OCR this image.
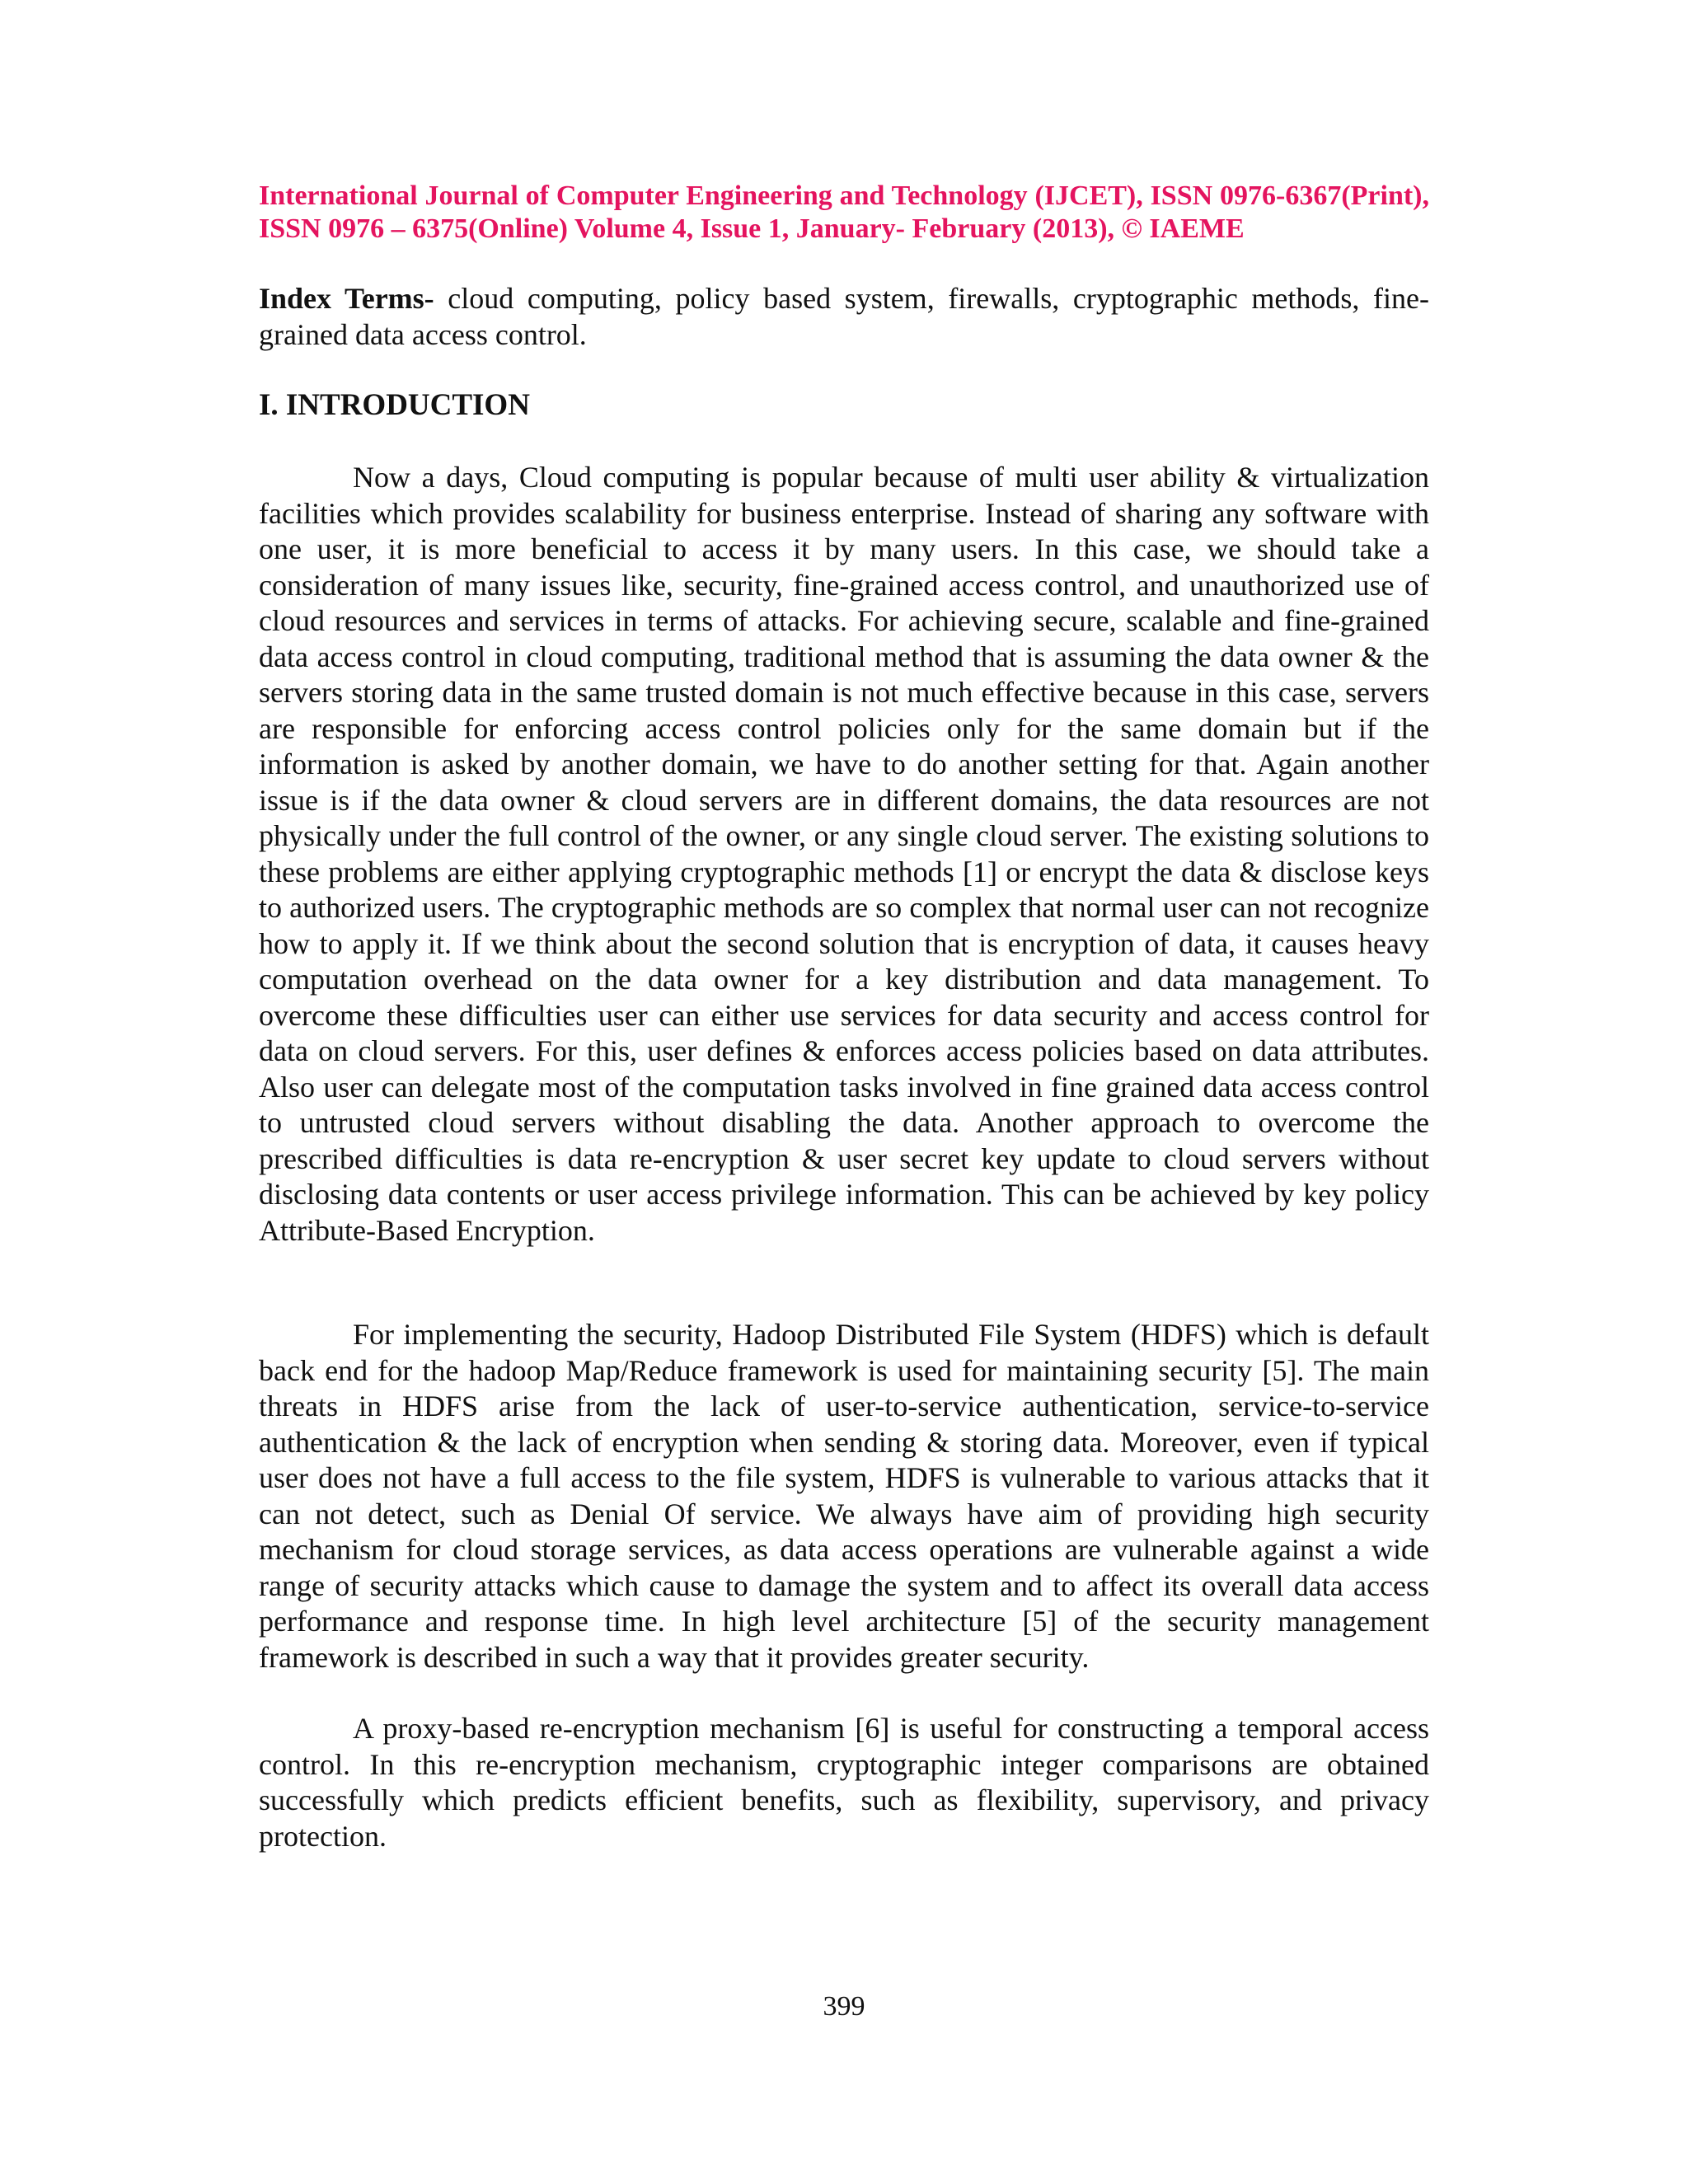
International Journal of Computer Engineering and Technology (IJCET), ISSN 0976-6367(Print), ISSN 0976 – 6375(Online) Volume 4, Issue 1, January- February (2013), © IAEME
Index Terms- cloud computing, policy based system, firewalls, cryptographic methods, fine-grained data access control.
I. INTRODUCTION

Now a days, Cloud computing is popular because of multi user ability & virtualization facilities which provides scalability for business enterprise. Instead of sharing any software with one user, it is more beneficial to access it by many users. In this case, we should take a consideration of many issues like, security, fine-grained access control, and unauthorized use of cloud resources and services in terms of attacks. For achieving secure, scalable and fine-grained data access control in cloud computing, traditional method that is assuming the data owner & the servers storing data in the same trusted domain is not much effective because in this case, servers are responsible for enforcing access control policies only for the same domain but if the information is asked by another domain, we have to do another setting for that. Again another issue is if the data owner & cloud servers are in different domains, the data resources are not physically under the full control of the owner, or any single cloud server. The existing solutions to these problems are either applying cryptographic methods [1] or encrypt the data & disclose keys to authorized users. The cryptographic methods are so complex that normal user can not recognize how to apply it. If we think about the second solution that is encryption of data, it causes heavy computation overhead on the data owner for a key distribution and data management. To overcome these difficulties user can either use services for data security and access control for data on cloud servers. For this, user defines & enforces access policies based on data attributes. Also user can delegate most of the computation tasks involved in fine grained data access control to untrusted cloud servers without disabling the data. Another approach to overcome the prescribed difficulties is data re-encryption & user secret key update to cloud servers without disclosing data contents or user access privilege information. This can be achieved by key policy Attribute-Based Encryption.

For implementing the security, Hadoop Distributed File System (HDFS) which is default back end for the hadoop Map/Reduce framework is used for maintaining security [5]. The main threats in HDFS arise from the lack of user-to-service authentication, service-to-service authentication & the lack of encryption when sending & storing data. Moreover, even if typical user does not have a full access to the file system, HDFS is vulnerable to various attacks that it can not detect, such as Denial Of service. We always have aim of providing high security mechanism for cloud storage services, as data access operations are vulnerable against a wide range of security attacks which cause to damage the system and to affect its overall data access performance and response time. In high level architecture [5] of the security management framework is described in such a way that it provides greater security.

A proxy-based re-encryption mechanism [6] is useful for constructing a temporal access control. In this re-encryption mechanism, cryptographic integer comparisons are obtained successfully which predicts efficient benefits, such as flexibility, supervisory, and privacy protection.

399
